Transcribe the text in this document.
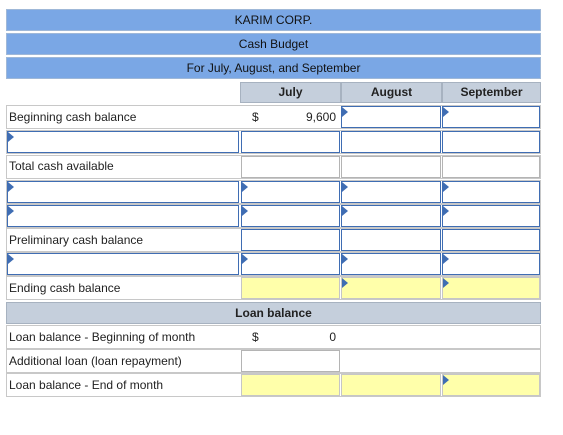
KARIM CORP.
Cash Budget
For July, August, and September
July	August	September
Beginning cash balance	$	9,600
Total cash available
Preliminary cash balance
Ending cash balance
Loan balance
Loan balance - Beginning of month	$	0
Additional loan (loan repayment)
Loan balance - End of month
